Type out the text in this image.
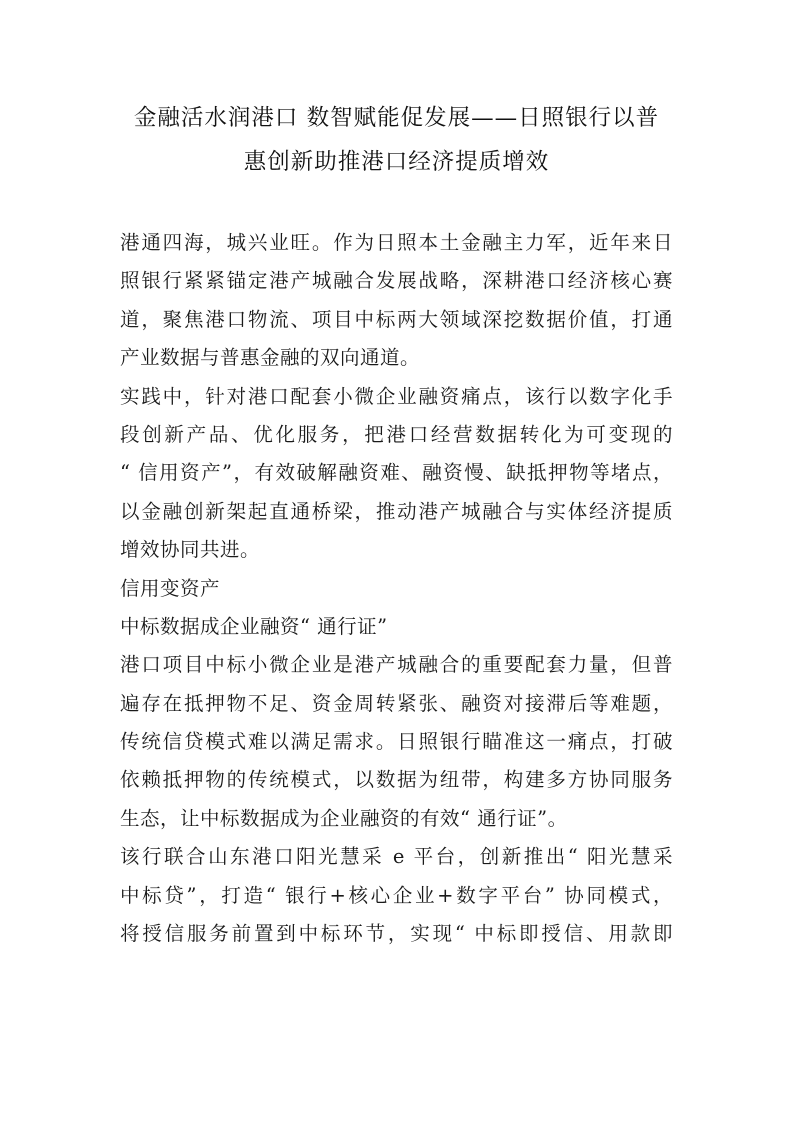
金融活水润港口 数智赋能促发展——日照银行以普
惠创新助推港口经济提质增效
港通四海，城兴业旺。作为日照本土金融主力军，近年来日
照银行紧紧锚定港产城融合发展战略，深耕港口经济核心赛
道，聚焦港口物流、项目中标两大领域深挖数据价值，打通
产业数据与普惠金融的双向通道。
实践中，针对港口配套小微企业融资痛点，该行以数字化手
段创新产品、优化服务，把港口经营数据转化为可变现的
“ 信用资产”，有效破解融资难、融资慢、缺抵押物等堵点，
以金融创新架起直通桥梁，推动港产城融合与实体经济提质
增效协同共进。
信用变资产
中标数据成企业融资“ 通行证”
港口项目中标小微企业是港产城融合的重要配套力量，但普
遍存在抵押物不足、资金周转紧张、融资对接滞后等难题，
传统信贷模式难以满足需求。日照银行瞄准这一痛点，打破
依赖抵押物的传统模式，以数据为纽带，构建多方协同服务
生态，让中标数据成为企业融资的有效“ 通行证”。
该行联合山东港口阳光慧采 e 平台，创新推出“ 阳光慧采
中标贷”，打造“ 银行+核心企业+数字平台” 协同模式，
将授信服务前置到中标环节，实现“ 中标即授信、用款即
